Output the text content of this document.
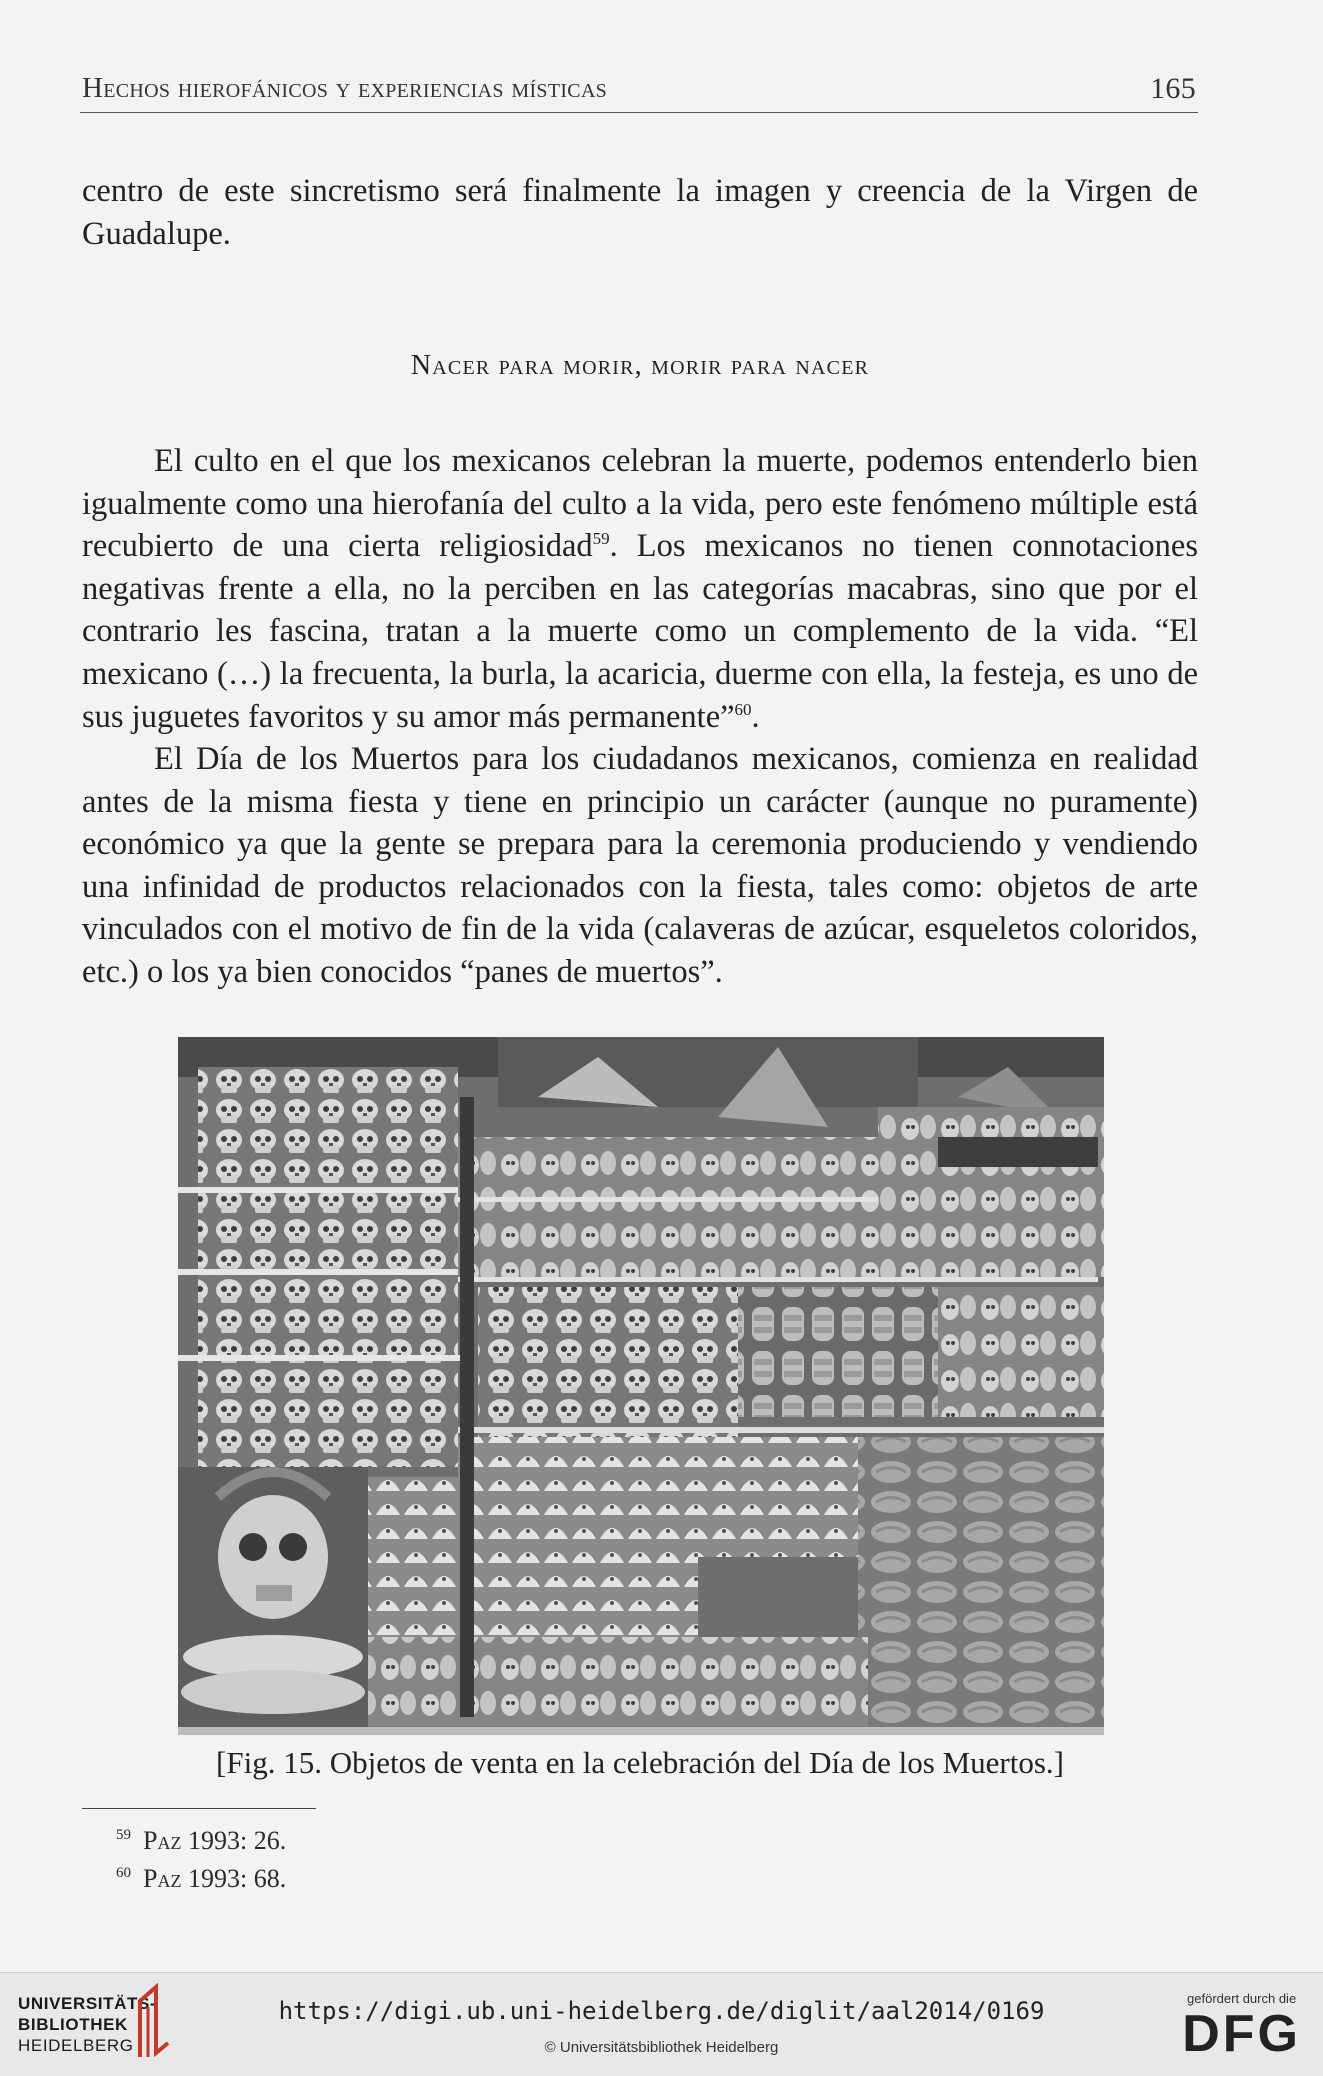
Hechos hierofánicos y experiencias místicas	165

centro de este sincretismo será finalmente la imagen y creencia de la Virgen de Guadalupe.

Nacer para morir, morir para nacer

El culto en el que los mexicanos celebran la muerte, podemos entenderlo bien igualmente como una hierofanía del culto a la vida, pero este fenómeno múltiple está recubierto de una cierta religiosidad$^{59}$. Los mexicanos no tienen connotaciones negativas frente a ella, no la perciben en las categorías macabras, sino que por el contrario les fascina, tratan a la muerte como un complemento de la vida. “El mexicano (…) la frecuenta, la burla, la acaricia, duerme con ella, la festeja, es uno de sus juguetes favoritos y su amor más permanente”$^{60}$.

El Día de los Muertos para los ciudadanos mexicanos, comienza en realidad antes de la misma fiesta y tiene en principio un carácter (aunque no puramente) económico ya que la gente se prepara para la ceremonia produciendo y vendiendo una infinidad de productos relacionados con la fiesta, tales como: objetos de arte vinculados con el motivo de fin de la vida (calaveras de azúcar, esqueletos coloridos, etc.) o los ya bien conocidos “panes de muertos”.

[Fig. 15. Objetos de venta en la celebración del Día de los Muertos.]
$^{59}$ Paz 1993: 26.
$^{60}$ Paz 1993: 68.
UNIVERSITÄTS-
BIBLIOTHEK
HEIDELBERG
https://digi.ub.uni-heidelberg.de/diglit/aal2014/0169
© Universitätsbibliothek Heidelberg
gefördert durch die
DFG
